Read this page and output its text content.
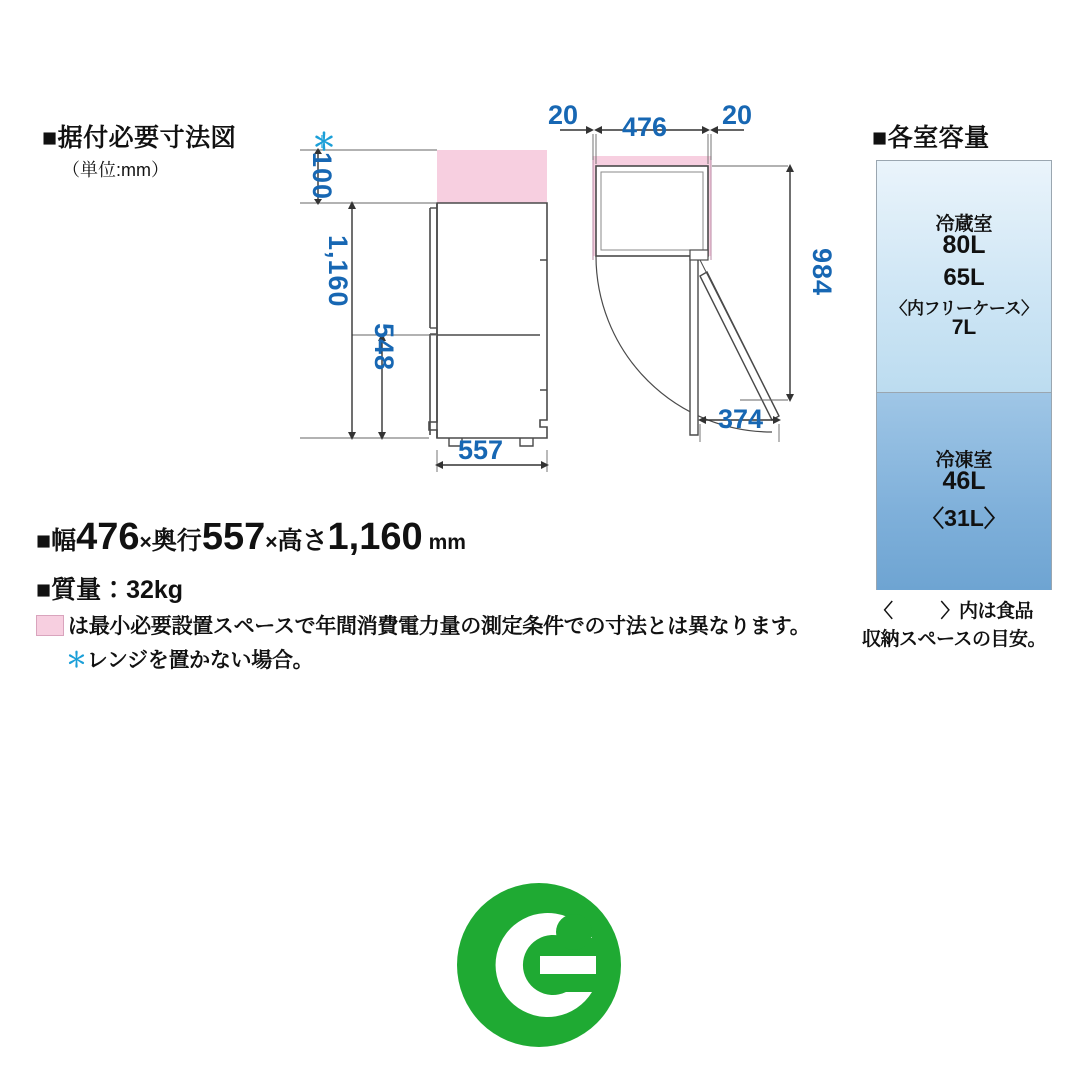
■据付必要寸法図
（単位:mm）
＊
100
1,160
548
557
20 476 20
984
374
■幅476×奥行557×高さ1,160 mm
■質量：32kg
は最小必要設置スペースで年間消費電力量の測定条件での寸法とは異なります。
＊レンジを置かない場合。
■各室容量
冷蔵室
80L
65L
〈内フリーケース〉
7L
冷凍室
46L
〈31L〉
〈	〉内は食品
収納スペースの目安。
